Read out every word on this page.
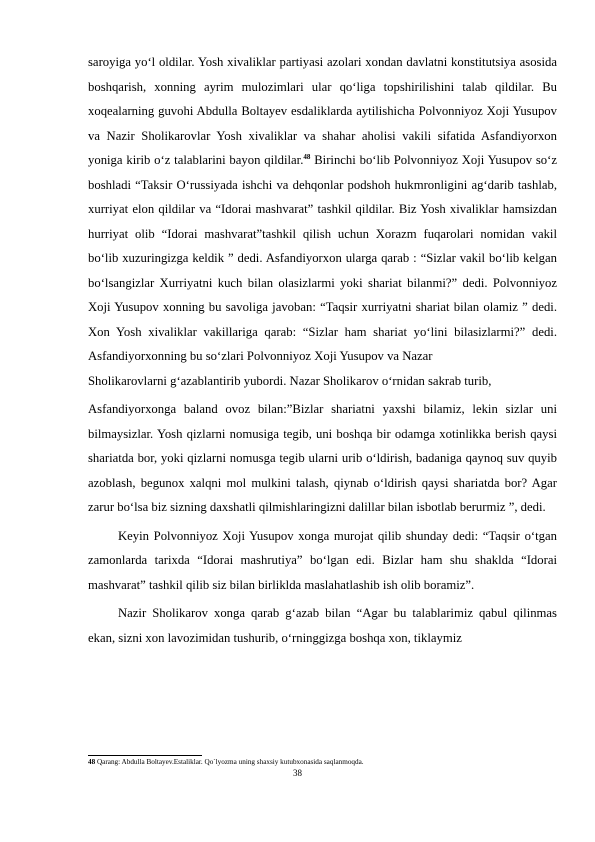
saroyiga yo‘l oldilar. Yosh xivaliklar partiyasi azolari xondan davlatni konstitutsiya asosida boshqarish, xonning ayrim mulozimlari ular qo‘liga topshirilishini talab qildilar. Bu xoqealarning guvohi Abdulla Boltayev esdaliklarda aytilishicha Polvonniyoz Xoji Yusupov va Nazir Sholikarovlar Yosh xivaliklar va shahar aholisi vakili sifatida Asfandiyorxon yoniga kirib o‘z talablarini bayon qildilar.$^{48}$ Birinchi bo‘lib Polvonniyoz Xoji Yusupov so‘z boshladi “Taksir O‘russiyada ishchi va dehqonlar podshoh hukmronligini ag‘darib tashlab, xurriyat elon qildilar va “Idorai mashvarat” tashkil qildilar. Biz Yosh xivaliklar hamsizdan hurriyat olib “Idorai mashvarat”tashkil qilish uchun Xorazm fuqarolari nomidan vakil bo‘lib xuzuringizga keldik ” dedi. Asfandiyorxon ularga qarab : “Sizlar vakil bo‘lib kelgan bo‘lsangizlar Xurriyatni kuch bilan olasizlarmi yoki shariat bilanmi?” dedi. Polvonniyoz Xoji Yusupov xonning bu savoliga javoban: “Taqsir xurriyatni shariat bilan olamiz ” dedi. Xon Yosh xivaliklar vakillariga qarab: “Sizlar ham shariat yo‘lini bilasizlarmi?” dedi. Asfandiyorxonning bu so‘zlari Polvonniyoz Xoji Yusupov va Nazar

Sholikarovlarni g‘azablantirib yubordi. Nazar Sholikarov o‘rnidan sakrab turib,

Asfandiyorxonga baland ovoz bilan:”Bizlar shariatni yaxshi bilamiz, lekin sizlar uni bilmaysizlar. Yosh qizlarni nomusiga tegib, uni boshqa bir odamga xotinlikka berish qaysi shariatda bor, yoki qizlarni nomusga tegib ularni urib o‘ldirish, badaniga qaynoq suv quyib azoblash, begunox xalqni mol mulkini talash, qiynab o‘ldirish qaysi shariatda bor? Agar zarur bo‘lsa biz sizning daxshatli qilmishlaringizni dalillar bilan isbotlab berurmiz ”, dedi.

Keyin Polvonniyoz Xoji Yusupov xonga murojat qilib shunday dedi: “Taqsir o‘tgan zamonlarda tarixda “Idorai mashrutiya” bo‘lgan edi. Bizlar ham shu shaklda “Idorai mashvarat” tashkil qilib siz bilan birliklda maslahatlashib ish olib boramiz”.

Nazir Sholikarov xonga qarab g‘azab bilan “Agar bu talablarimiz qabul qilinmas ekan, sizni xon lavozimidan tushurib, o‘rninggizga boshqa xon, tiklaymiz

48 Qarang: Abdulla Boltayev.Estaliklar. Qo`lyozma uning shaxsiy kutubxonasida saqlanmoqda.
38
